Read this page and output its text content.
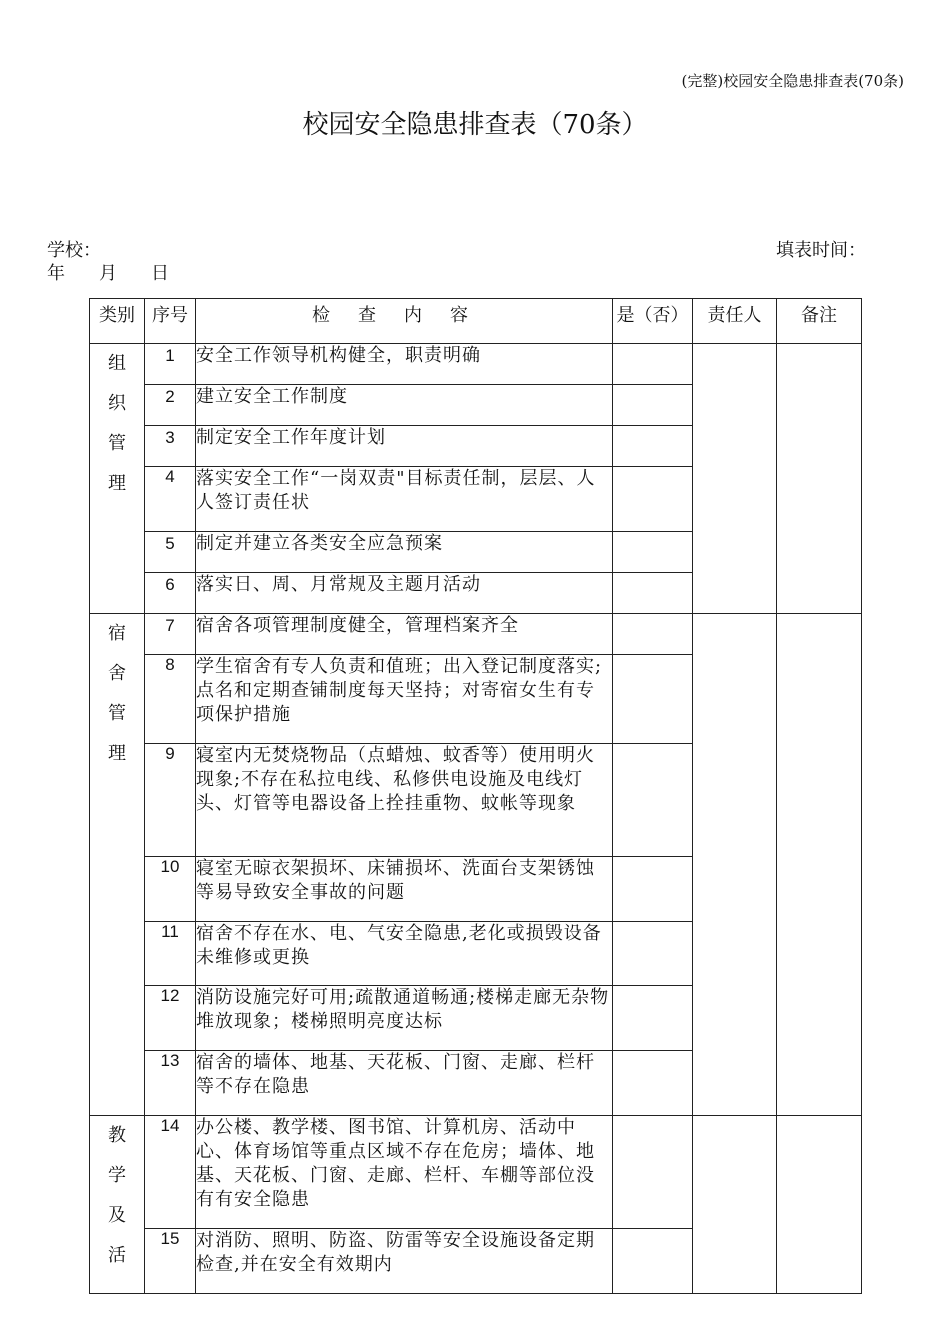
(完整)校园安全隐患排查表(70条)
校园安全隐患排查表（70条）
学校：	填表时间：
年 月 日
类别	序号	检查内容	是（否）	责任人	备注

组
织
管
理	1	安全工作领导机构健全，职责明确			
	2	建立安全工作制度			
	3	制定安全工作年度计划			
	4	落实安全工作“一岗双责"目标责任制，层层、人人签订责任状			
	5	制定并建立各类安全应急预案			
	6	落实日、周、月常规及主题月活动			

宿
舍
管
理	7	宿舍各项管理制度健全，管理档案齐全			
	8	学生宿舍有专人负责和值班；出入登记制度落实;点名和定期查铺制度每天坚持；对寄宿女生有专项保护措施			
	9	寝室内无焚烧物品（点蜡烛、蚊香等）使用明火现象;不存在私拉电线、私修供电设施及电线灯头、灯管等电器设备上拴挂重物、蚊帐等现象			
	10	寝室无晾衣架损坏、床铺损坏、洗面台支架锈蚀等易导致安全事故的问题			
	11	宿舍不存在水、电、气安全隐患,老化或损毁设备未维修或更换			
	12	消防设施完好可用;疏散通道畅通;楼梯走廊无杂物堆放现象；楼梯照明亮度达标			
	13	宿舍的墙体、地基、天花板、门窗、走廊、栏杆等不存在隐患			

教
学
及
活	14	办公楼、教学楼、图书馆、计算机房、活动中心、体育场馆等重点区域不存在危房；墙体、地基、天花板、门窗、走廊、栏杆、车棚等部位没有有安全隐患			
	15	对消防、照明、防盗、防雷等安全设施设备定期检查,并在安全有效期内			
